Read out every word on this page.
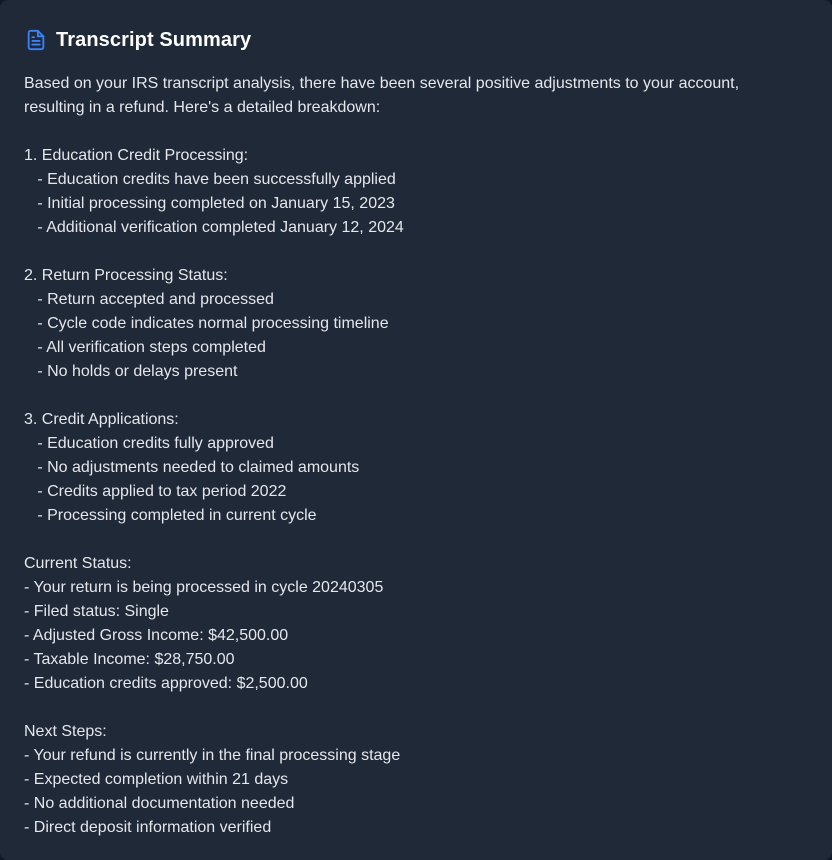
Transcript Summary
Based on your IRS transcript analysis, there have been several positive adjustments to your account,
resulting in a refund. Here's a detailed breakdown:
1. Education Credit Processing:
- Education credits have been successfully applied
- Initial processing completed on January 15, 2023
- Additional verification completed January 12, 2024
2. Return Processing Status:
- Return accepted and processed
- Cycle code indicates normal processing timeline
- All verification steps completed
- No holds or delays present
3. Credit Applications:
- Education credits fully approved
- No adjustments needed to claimed amounts
- Credits applied to tax period 2022
- Processing completed in current cycle
Current Status:
- Your return is being processed in cycle 20240305
- Filed status: Single
- Adjusted Gross Income: $42,500.00
- Taxable Income: $28,750.00
- Education credits approved: $2,500.00
Next Steps:
- Your refund is currently in the final processing stage
- Expected completion within 21 days
- No additional documentation needed
- Direct deposit information verified
